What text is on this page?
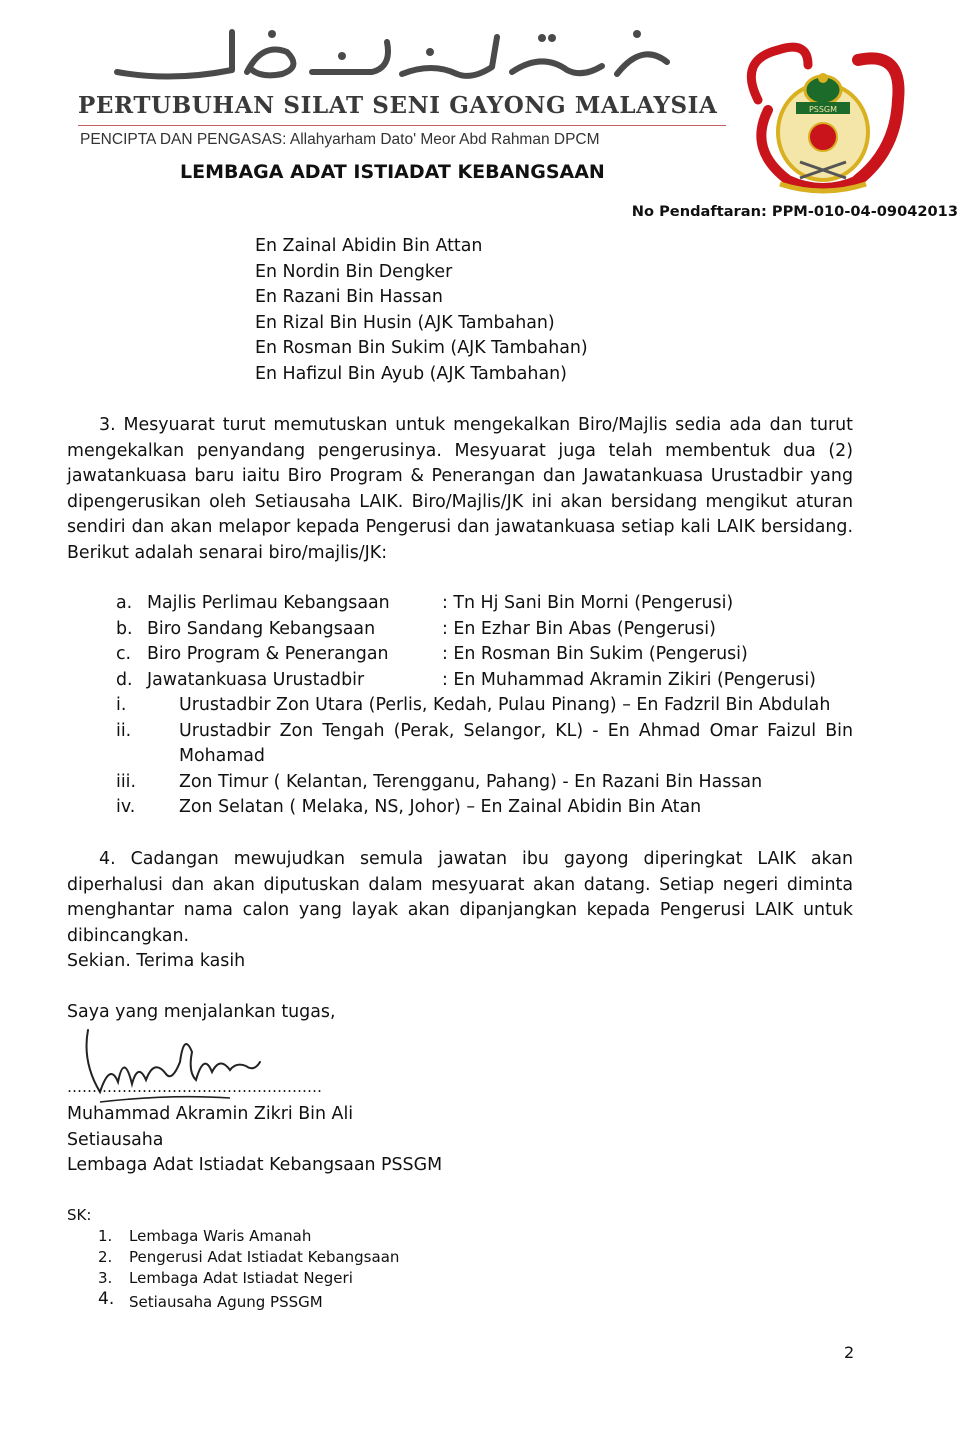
PERTUBUHAN SILAT SENI GAYONG MALAYSIA
PENCIPTA DAN PENGASAS: Allahyarham Dato' Meor Abd Rahman DPCM
LEMBAGA ADAT ISTIADAT KEBANGSAAN
No Pendaftaran: PPM-010-04-09042013
PSSGM
En Zainal Abidin Bin Attan
En Nordin Bin Dengker
En Razani Bin Hassan
En Rizal Bin Husin (AJK Tambahan)
En Rosman Bin Sukim (AJK Tambahan)
En Hafizul Bin Ayub (AJK Tambahan)
3. Mesyuarat turut memutuskan untuk mengekalkan Biro/Majlis sedia ada dan turut mengekalkan penyandang pengerusinya. Mesyuarat juga telah membentuk dua (2) jawatankuasa baru iaitu Biro Program & Penerangan dan Jawatankuasa Urustadbir yang dipengerusikan oleh Setiausaha LAIK. Biro/Majlis/JK ini akan bersidang mengikut aturan sendiri dan akan melapor kepada Pengerusi dan jawatankuasa setiap kali LAIK bersidang. Berikut adalah senarai biro/majlis/JK:
a. Majlis Perlimau Kebangsaan	: Tn Hj Sani Bin Morni (Pengerusi)
b. Biro Sandang Kebangsaan	: En Ezhar Bin Abas (Pengerusi)
c. Biro Program & Penerangan	: En Rosman Bin Sukim (Pengerusi)
d. Jawatankuasa Urustadbir	: En Muhammad Akramin Zikiri (Pengerusi)
i.	Urustadbir Zon Utara (Perlis, Kedah, Pulau Pinang) – En Fadzril Bin Abdulah
ii.	Urustadbir Zon Tengah (Perak, Selangor, KL) - En Ahmad Omar Faizul Bin Mohamad
iii. Zon Timur ( Kelantan, Terengganu, Pahang) - En Razani Bin Hassan
iv.	Zon Selatan ( Melaka, NS, Johor) – En Zainal Abidin Bin Atan
4. Cadangan mewujudkan semula jawatan ibu gayong diperingkat LAIK akan diperhalusi dan akan diputuskan dalam mesyuarat akan datang. Setiap negeri diminta menghantar nama calon yang layak akan dipanjangkan kepada Pengerusi LAIK untuk dibincangkan.
Sekian. Terima kasih
Saya yang menjalankan tugas,
……………………………………………
Muhammad Akramin Zikri Bin Ali
Setiausaha
Lembaga Adat Istiadat Kebangsaan PSSGM
SK:
1. Lembaga Waris Amanah
2. Pengerusi Adat Istiadat Kebangsaan
3. Lembaga Adat Istiadat Negeri
4. Setiausaha Agung PSSGM
2
